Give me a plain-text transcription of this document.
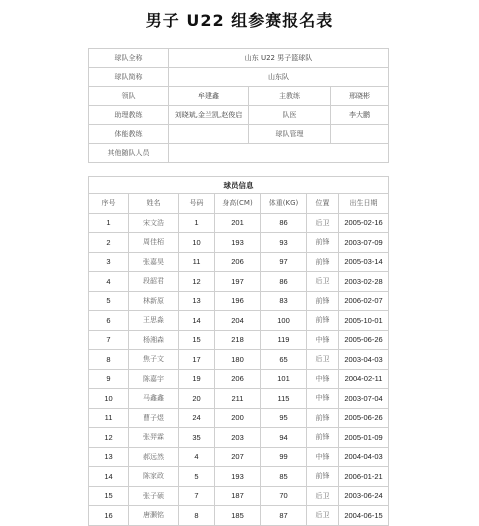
男子 U22 组参赛报名表
球队全称	山东 U22 男子篮球队		
球队简称	山东队		
领队	牟建鑫	主教练	邢晓彬
助理教练	刘晓斌,金兰凯,赵俊启	队医	李大鹏
体能教练		球队管理	
其他随队人员			
球员信息						
序号	姓名	号码	身高(CM)	体重(KG)	位置	出生日期
1	宋文浩	1	201	86	后卫	2005-02-16
2	周佳栢	10	193	93	前锋	2003-07-09
3	张嘉昊	11	206	97	前锋	2005-03-14
4	段韶君	12	197	86	后卫	2003-02-28
5	林新原	13	196	83	前锋	2006-02-07
6	王思淼	14	204	100	前锋	2005-10-01
7	杨湘森	15	218	119	中锋	2005-06-26
8	焦子文	17	180	65	后卫	2003-04-03
9	陈嘉宇	19	206	101	中锋	2004-02-11
10	马鑫鑫	20	211	115	中锋	2003-07-04
11	曹子煜	24	200	95	前锋	2005-06-26
12	张羿霖	35	203	94	前锋	2005-01-09
13	郝远然	4	207	99	中锋	2004-04-03
14	陈家政	5	193	85	前锋	2006-01-21
15	张子硕	7	187	70	后卫	2003-06-24
16	唐灏铭	8	185	87	后卫	2004-06-15
